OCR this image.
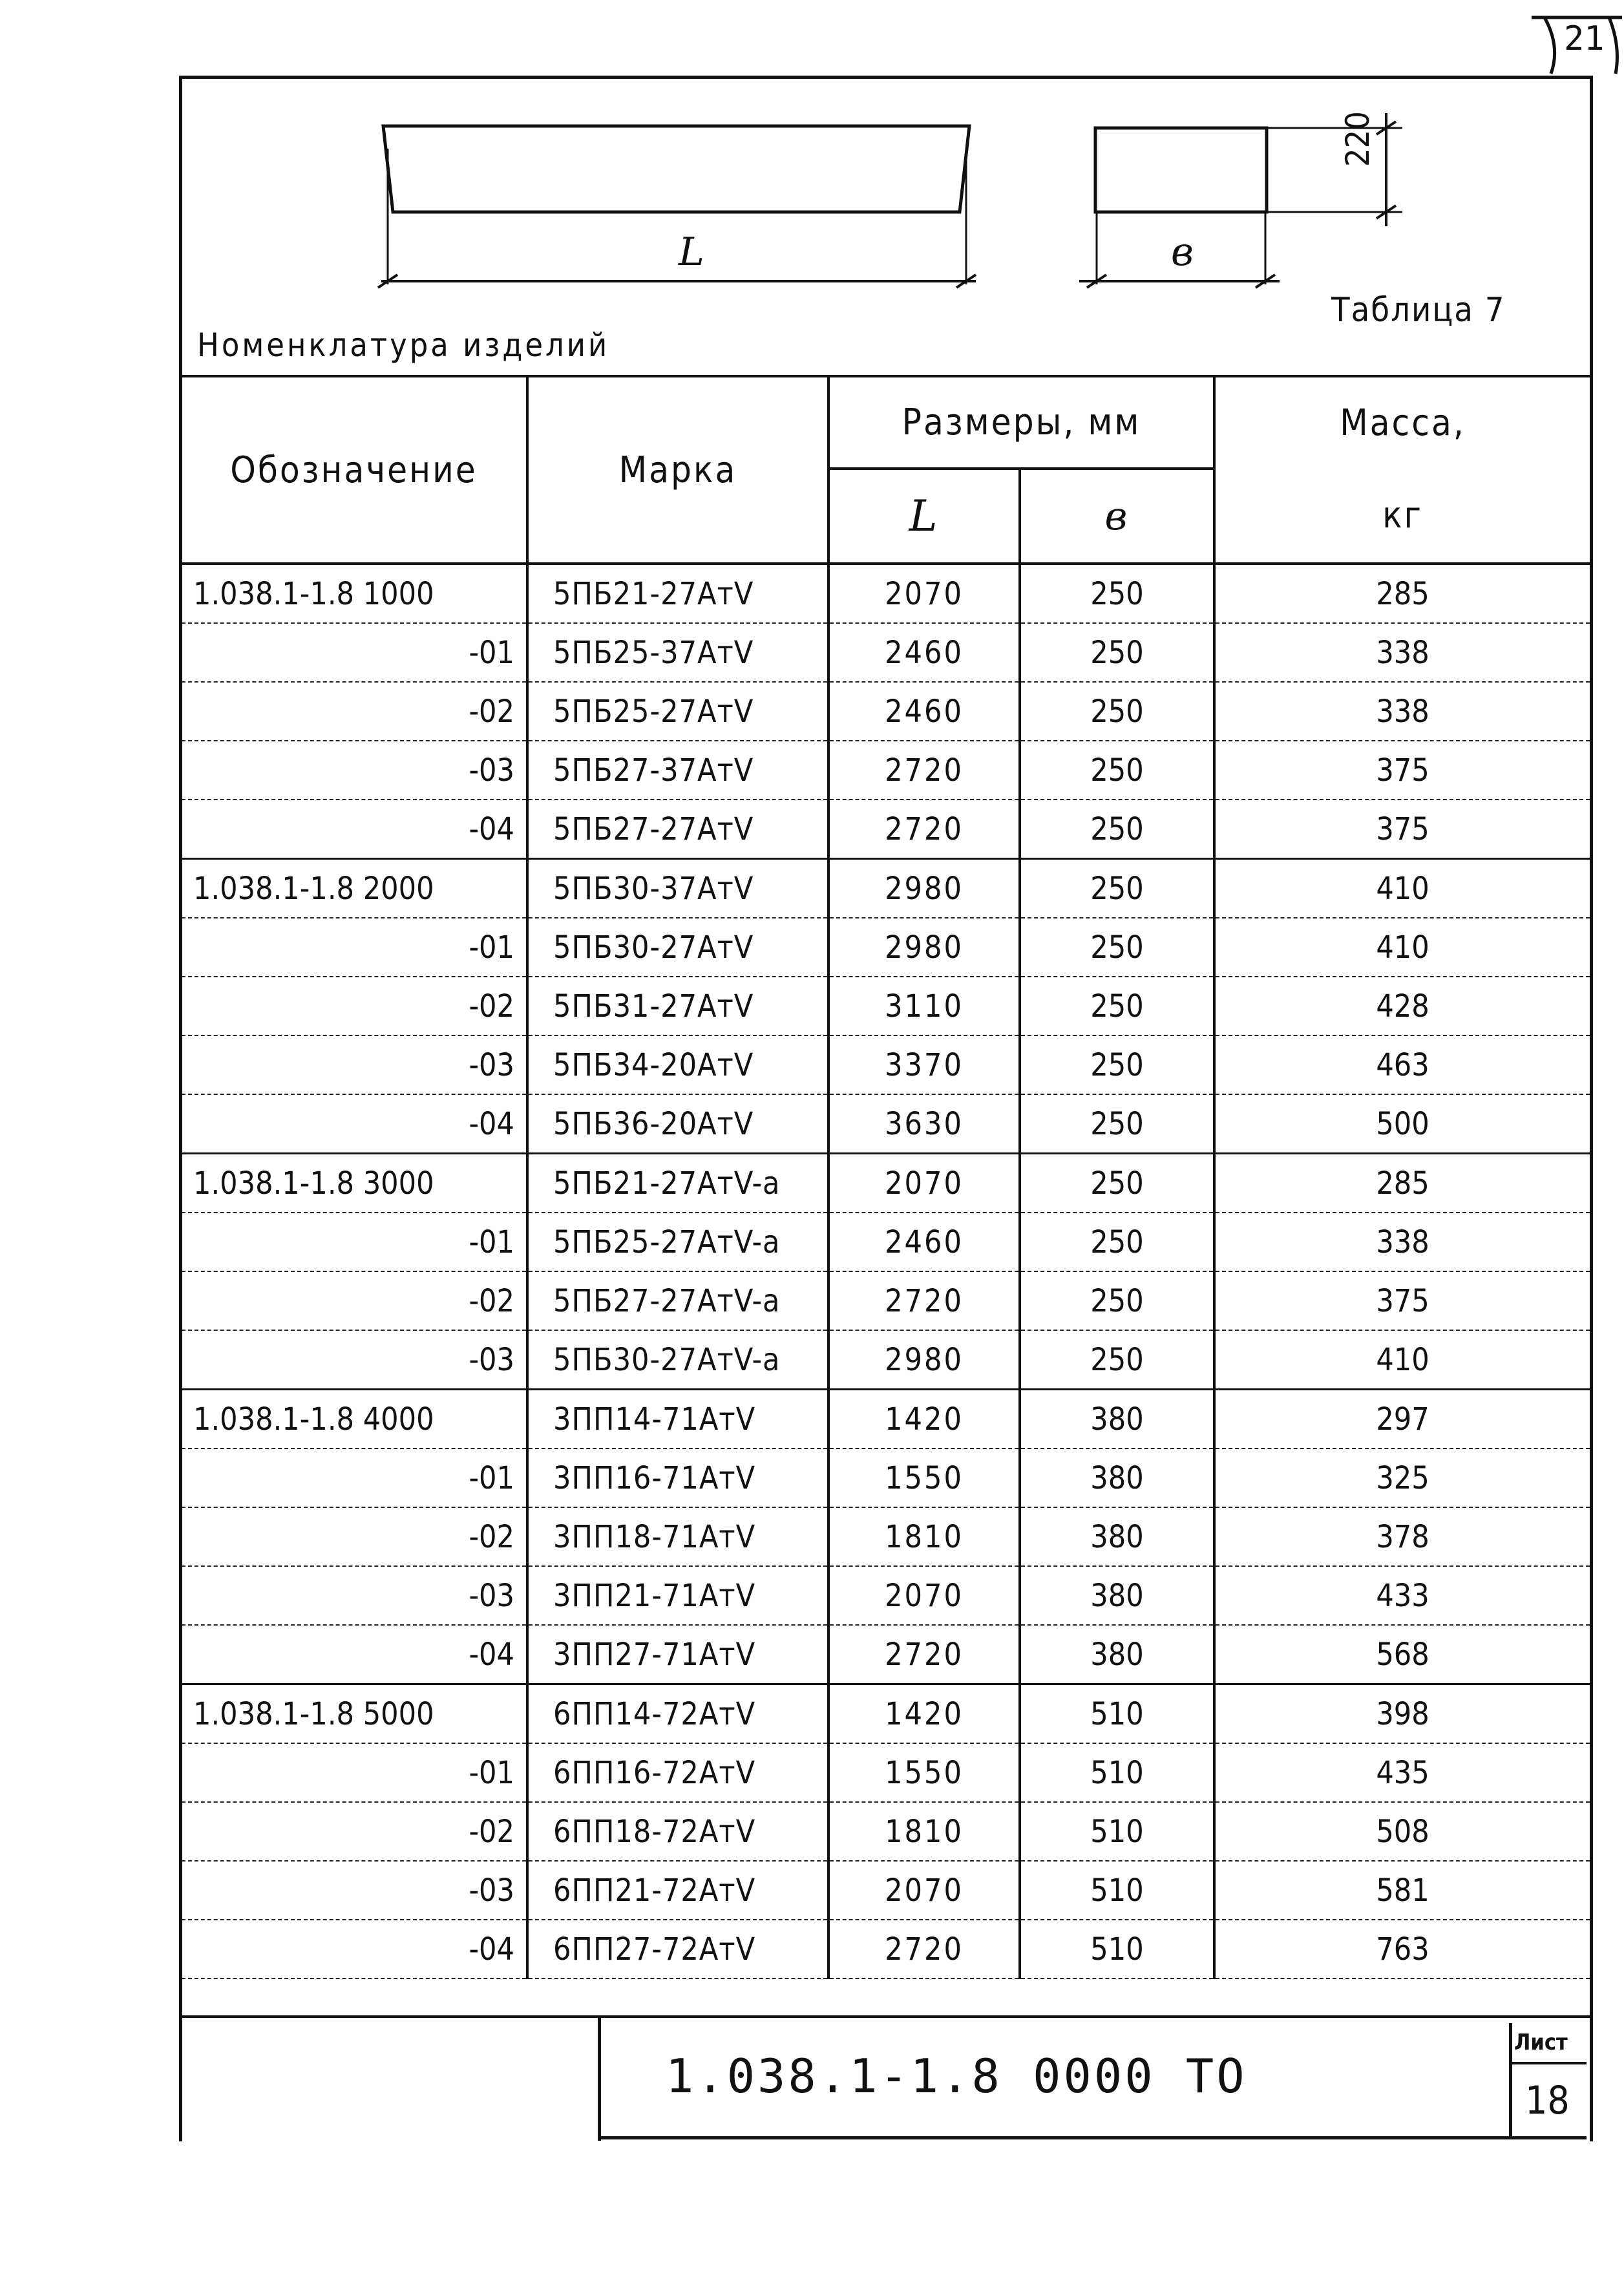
21
L	в
220
Номенклатура изделий
Таблица 7
Обозначение	Марка	Размеры, мм		Масса,
		L	в	кг
1.038.1-1.8 1000	5ПБ21-27АтV	2070	250	285
-01	5ПБ25-37АтV	2460	250	338
-02	5ПБ25-27АтV	2460	250	338
-03	5ПБ27-37АтV	2720	250	375
-04	5ПБ27-27АтV	2720	250	375
1.038.1-1.8 2000	5ПБ30-37АтV	2980	250	410
-01	5ПБ30-27АтV	2980	250	410
-02	5ПБ31-27АтV	3110	250	428
-03	5ПБ34-20АтV	3370	250	463
-04	5ПБ36-20АтV	3630	250	500
1.038.1-1.8 3000	5ПБ21-27АтV-a	2070	250	285
-01	5ПБ25-27АтV-a	2460	250	338
-02	5ПБ27-27АтV-a	2720	250	375
-03	5ПБ30-27АтV-a	2980	250	410
1.038.1-1.8 4000	3ПП14-71АтV	1420	380	297
-01	3ПП16-71АтV	1550	380	325
-02	3ПП18-71АтV	1810	380	378
-03	3ПП21-71АтV	2070	380	433
-04	3ПП27-71АтV	2720	380	568
1.038.1-1.8 5000	6ПП14-72АтV	1420	510	398
-01	6ПП16-72АтV	1550	510	435
-02	6ПП18-72АтV	1810	510	508
-03	6ПП21-72АтV	2070	510	581
-04	6ПП27-72АтV	2720	510	763
1.038.1-1.8 0000 ТО
Лист
18
